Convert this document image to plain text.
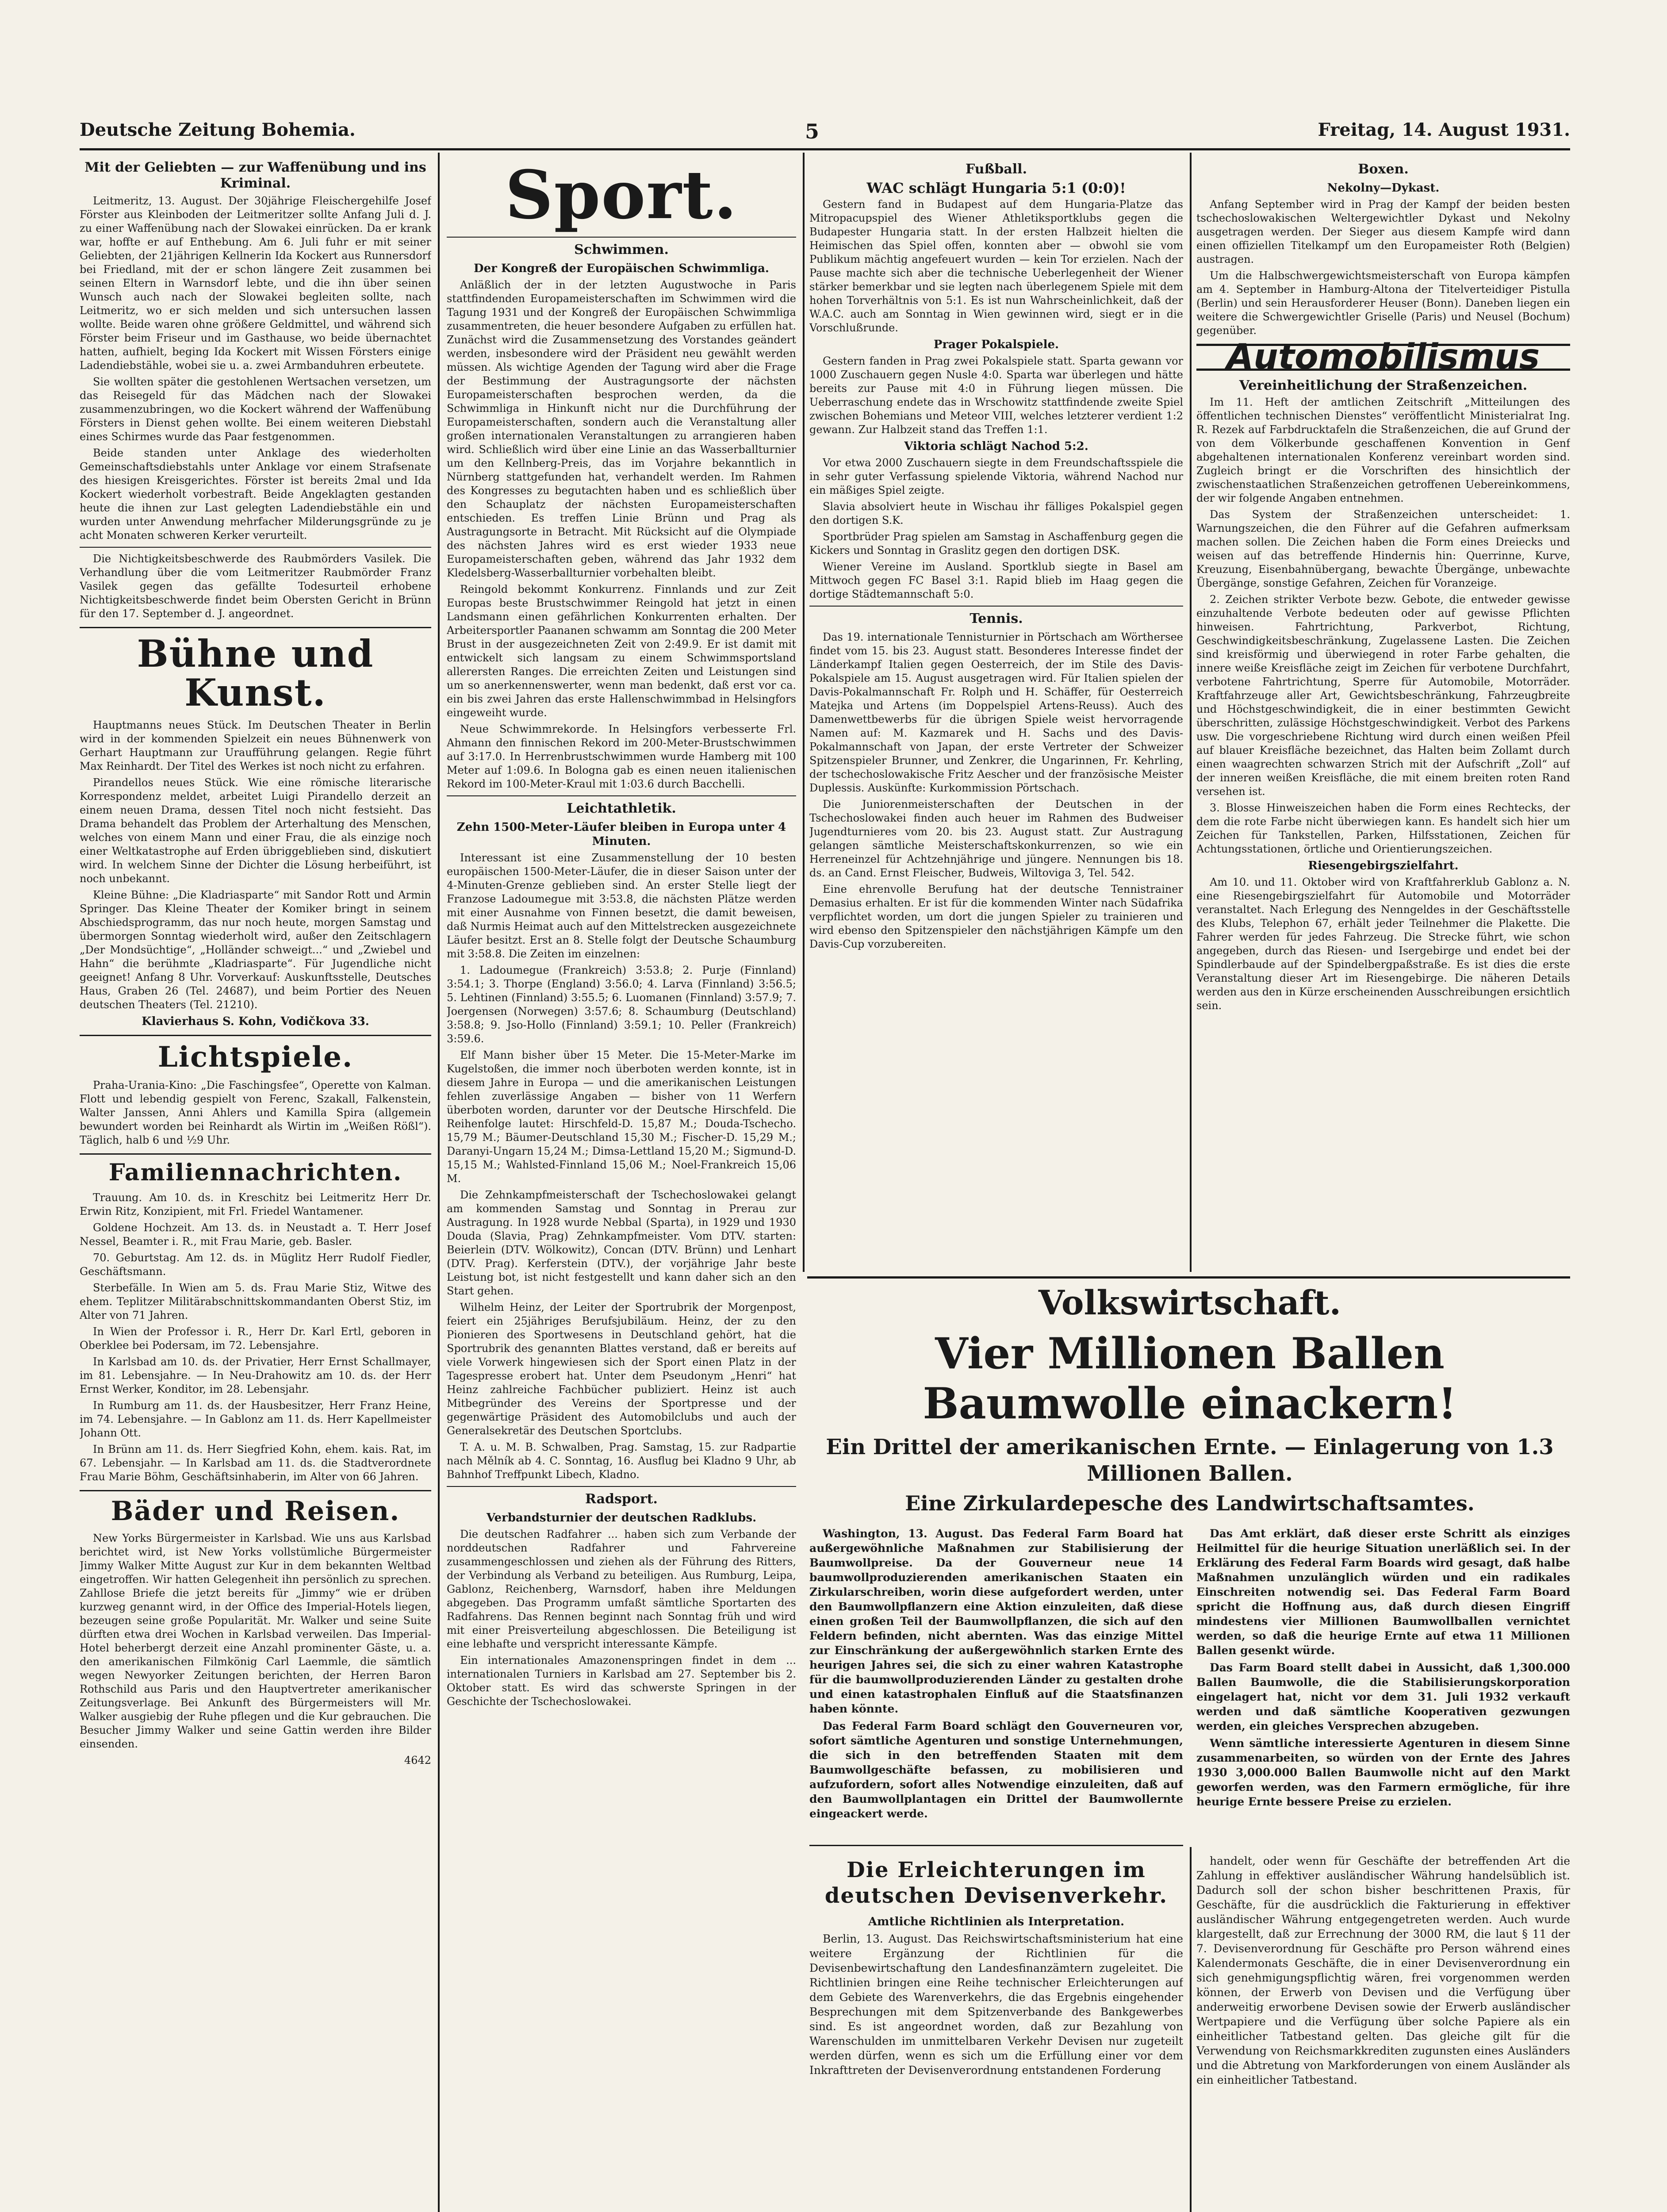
Deutsche Zeitung Bohemia.	5	Freitag, 14. August 1931.
Mit der Geliebten — zur Waffenübung und ins Kriminal.

Leitmeritz, 13. August. Der 30jährige Fleischergehilfe Josef Förster aus Kleinboden der Leitmeritzer sollte Anfang Juli d. J. zu einer Waffenübung nach der Slowakei einrücken. Da er krank war, hoffte er auf Enthebung. Am 6. Juli fuhr er mit seiner Geliebten, der 21jährigen Kellnerin Ida Kockert aus Runnersdorf bei Friedland, mit der er schon längere Zeit zusammen bei seinen Eltern in Warnsdorf lebte, und die ihn über seinen Wunsch auch nach der Slowakei begleiten sollte, nach Leitmeritz, wo er sich melden und sich untersuchen lassen wollte. Beide waren ohne größere Geldmittel, und während sich Förster beim Friseur und im Gasthause, wo beide übernachtet hatten, aufhielt, beging Ida Kockert mit Wissen Försters einige Ladendiebstähle, wobei sie u. a. zwei Armbanduhren erbeutete.

Sie wollten später die gestohlenen Wertsachen versetzen, um das Reisegeld für das Mädchen nach der Slowakei zusammenzubringen, wo die Kockert während der Waffenübung Försters in Dienst gehen wollte. Bei einem weiteren Diebstahl eines Schirmes wurde das Paar festgenommen.

Beide standen unter Anklage des wiederholten Gemeinschaftsdiebstahls unter Anklage vor einem Strafsenate des hiesigen Kreisgerichtes. Förster ist bereits 2mal und Ida Kockert wiederholt vorbestraft. Beide Angeklagten gestanden heute die ihnen zur Last gelegten Ladendiebstähle ein und wurden unter Anwendung mehrfacher Milderungsgründe zu je acht Monaten schweren Kerker verurteilt.

Die Nichtigkeitsbeschwerde des Raubmörders Vasilek. Die Verhandlung über die vom Leitmeritzer Raubmörder Franz Vasilek gegen das gefällte Todesurteil erhobene Nichtigkeitsbeschwerde findet beim Obersten Gericht in Brünn für den 17. September d. J. angeordnet.

Bühne und Kunst.

Hauptmanns neues Stück. Im Deutschen Theater in Berlin wird in der kommenden Spielzeit ein neues Bühnenwerk von Gerhart Hauptmann zur Uraufführung gelangen. Regie führt Max Reinhardt. Der Titel des Werkes ist noch nicht zu erfahren.

Pirandellos neues Stück. Wie eine römische literarische Korrespondenz meldet, arbeitet Luigi Pirandello derzeit an einem neuen Drama, dessen Titel noch nicht festsieht. Das Drama behandelt das Problem der Arterhaltung des Menschen, welches von einem Mann und einer Frau, die als einzige noch einer Weltkatastrophe auf Erden übriggeblieben sind, diskutiert wird. In welchem Sinne der Dichter die Lösung herbeiführt, ist noch unbekannt.

Kleine Bühne: „Die Kladriasparte“ mit Sandor Rott und Armin Springer. Das Kleine Theater der Komiker bringt in seinem Abschiedsprogramm, das nur noch heute, morgen Samstag und übermorgen Sonntag wiederholt wird, außer den Zeitschlagern „Der Mondsüchtige“, „Holländer schweigt...“ und „Zwiebel und Hahn“ die berühmte „Kladriasparte“. Für Jugendliche nicht geeignet! Anfang 8 Uhr. Vorverkauf: Auskunftsstelle, Deutsches Haus, Graben 26 (Tel. 24687), und beim Portier des Neuen deutschen Theaters (Tel. 21210).

Klavierhaus S. Kohn, Vodičkova 33.
Lichtspiele.

Praha-Urania-Kino: „Die Faschingsfee“, Operette von Kalman. Flott und lebendig gespielt von Ferenc, Szakall, Falkenstein, Walter Janssen, Anni Ahlers und Kamilla Spira (allgemein bewundert worden bei Reinhardt als Wirtin im „Weißen Rößl“). Täglich, halb 6 und ½9 Uhr.

Familiennachrichten.

Trauung. Am 10. ds. in Kreschitz bei Leitmeritz Herr Dr. Erwin Ritz, Konzipient, mit Frl. Friedel Wantamener.

Goldene Hochzeit. Am 13. ds. in Neustadt a. T. Herr Josef Nessel, Beamter i. R., mit Frau Marie, geb. Basler.

70. Geburtstag. Am 12. ds. in Müglitz Herr Rudolf Fiedler, Geschäftsmann.

Sterbefälle. In Wien am 5. ds. Frau Marie Stiz, Witwe des ehem. Teplitzer Militärabschnittskommandanten Oberst Stiz, im Alter von 71 Jahren.

In Wien der Professor i. R., Herr Dr. Karl Ertl, geboren in Oberklee bei Podersam, im 72. Lebensjahre.

In Karlsbad am 10. ds. der Privatier, Herr Ernst Schallmayer, im 81. Lebensjahre. — In Neu-Drahowitz am 10. ds. der Herr Ernst Werker, Konditor, im 28. Lebensjahr.

In Rumburg am 11. ds. der Hausbesitzer, Herr Franz Heine, im 74. Lebensjahre. — In Gablonz am 11. ds. Herr Kapellmeister Johann Ott.

In Brünn am 11. ds. Herr Siegfried Kohn, ehem. kais. Rat, im 67. Lebensjahr. — In Karlsbad am 11. ds. die Stadtverordnete Frau Marie Böhm, Geschäftsinhaberin, im Alter von 66 Jahren.

Bäder und Reisen.

New Yorks Bürgermeister in Karlsbad. Wie uns aus Karlsbad berichtet wird, ist New Yorks vollstümliche Bürgermeister Jimmy Walker Mitte August zur Kur in dem bekannten Weltbad eingetroffen. Wir hatten Gelegenheit ihn persönlich zu sprechen. Zahllose Briefe die jetzt bereits für „Jimmy“ wie er drüben kurzweg genannt wird, in der Office des Imperial-Hotels liegen, bezeugen seine große Popularität. Mr. Walker und seine Suite dürften etwa drei Wochen in Karlsbad verweilen. Das Imperial-Hotel beherbergt derzeit eine Anzahl prominenter Gäste, u. a. den amerikanischen Filmkönig Carl Laemmle, die sämtlich wegen Newyorker Zeitungen berichten, der Herren Baron Rothschild aus Paris und den Hauptvertreter amerikanischer Zeitungsverlage. Bei Ankunft des Bürgermeisters will Mr. Walker ausgiebig der Ruhe pflegen und die Kur gebrauchen. Die Besucher Jimmy Walker und seine Gattin werden ihre Bilder einsenden.

4642

Sport.
Schwimmen.
Der Kongreß der Europäischen Schwimmliga.

Anläßlich der in der letzten Augustwoche in Paris stattfindenden Europameisterschaften im Schwimmen wird die Tagung 1931 und der Kongreß der Europäischen Schwimmliga zusammentreten, die heuer besondere Aufgaben zu erfüllen hat. Zunächst wird die Zusammensetzung des Vorstandes geändert werden, insbesondere wird der Präsident neu gewählt werden müssen. Als wichtige Agenden der Tagung wird aber die Frage der Bestimmung der Austragungsorte der nächsten Europameisterschaften besprochen werden, da die Schwimmliga in Hinkunft nicht nur die Durchführung der Europameisterschaften, sondern auch die Veranstaltung aller großen internationalen Veranstaltungen zu arrangieren haben wird. Schließlich wird über eine Linie an das Wasserballturnier um den Kellnberg-Preis, das im Vorjahre bekanntlich in Nürnberg stattgefunden hat, verhandelt werden. Im Rahmen des Kongresses zu begutachten haben und es schließlich über den Schauplatz der nächsten Europameisterschaften entschieden. Es treffen Linie Brünn und Prag als Austragungsorte in Betracht. Mit Rücksicht auf die Olympiade des nächsten Jahres wird es erst wieder 1933 neue Europameisterschaften geben, während das Jahr 1932 dem Kledelsberg-Wasserballturnier vorbehalten bleibt.

Reingold bekommt Konkurrenz. Finnlands und zur Zeit Europas beste Brustschwimmer Reingold hat jetzt in einen Landsmann einen gefährlichen Konkurrenten erhalten. Der Arbeitersportler Paananen schwamm am Sonntag die 200 Meter Brust in der ausgezeichneten Zeit von 2:49.9. Er ist damit mit entwickelt sich langsam zu einem Schwimmsportsland allerersten Ranges. Die erreichten Zeiten und Leistungen sind um so anerkennenswerter, wenn man bedenkt, daß erst vor ca. ein bis zwei Jahren das erste Hallenschwimmbad in Helsingfors eingeweiht wurde.

Neue Schwimmrekorde. In Helsingfors verbesserte Frl. Ahmann den finnischen Rekord im 200-Meter-Brustschwimmen auf 3:17.0. In Herrenbrustschwimmen wurde Hamberg mit 100 Meter auf 1:09.6. In Bologna gab es einen neuen italienischen Rekord im 100-Meter-Kraul mit 1:03.6 durch Bacchelli.

Leichtathletik.
Zehn 1500-Meter-Läufer bleiben in Europa unter 4 Minuten.

Interessant ist eine Zusammenstellung der 10 besten europäischen 1500-Meter-Läufer, die in dieser Saison unter der 4-Minuten-Grenze geblieben sind. An erster Stelle liegt der Franzose Ladoumegue mit 3:53.8, die nächsten Plätze werden mit einer Ausnahme von Finnen besetzt, die damit beweisen, daß Nurmis Heimat auch auf den Mittelstrecken ausgezeichnete Läufer besitzt. Erst an 8. Stelle folgt der Deutsche Schaumburg mit 3:58.8. Die Zeiten im einzelnen:

1. Ladoumegue (Frankreich) 3:53.8; 2. Purje (Finnland) 3:54.1; 3. Thorpe (England) 3:56.0; 4. Larva (Finnland) 3:56.5; 5. Lehtinen (Finnland) 3:55.5; 6. Luomanen (Finnland) 3:57.9; 7. Joergensen (Norwegen) 3:57.6; 8. Schaumburg (Deutschland) 3:58.8; 9. Jso-Hollo (Finnland) 3:59.1; 10. Peller (Frankreich) 3:59.6.

Elf Mann bisher über 15 Meter. Die 15-Meter-Marke im Kugelstoßen, die immer noch überboten werden konnte, ist in diesem Jahre in Europa — und die amerikanischen Leistungen fehlen zuverlässige Angaben — bisher von 11 Werfern überboten worden, darunter vor der Deutsche Hirschfeld. Die Reihenfolge lautet: Hirschfeld-D. 15,87 M.; Douda-Tschecho. 15,79 M.; Bäumer-Deutschland 15,30 M.; Fischer-D. 15,29 M.; Daranyi-Ungarn 15,24 M.; Dimsa-Lettland 15,20 M.; Sigmund-D. 15,15 M.; Wahlsted-Finnland 15,06 M.; Noel-Frankreich 15,06 M.

Die Zehnkampfmeisterschaft der Tschechoslowakei gelangt am kommenden Samstag und Sonntag in Prerau zur Austragung. In 1928 wurde Nebbal (Sparta), in 1929 und 1930 Douda (Slavia, Prag) Zehnkampfmeister. Vom DTV. starten: Beierlein (DTV. Wölkowitz), Concan (DTV. Brünn) und Lenhart (DTV. Prag). Kerferstein (DTV.), der vorjährige Jahr beste Leistung bot, ist nicht festgestellt und kann daher sich an den Start gehen.

Wilhelm Heinz, der Leiter der Sportrubrik der Morgenpost, feiert ein 25jähriges Berufsjubiläum. Heinz, der zu den Pionieren des Sportwesens in Deutschland gehört, hat die Sportrubrik des genannten Blattes verstand, daß er bereits auf viele Vorwerk hingewiesen sich der Sport einen Platz in der Tagespresse erobert hat. Unter dem Pseudonym „Henri“ hat Heinz zahlreiche Fachbücher publiziert. Heinz ist auch Mitbegründer des Vereins der Sportpresse und der gegenwärtige Präsident des Automobilclubs und auch der Generalsekretär des Deutschen Sportclubs.

T. A. u. M. B. Schwalben, Prag. Samstag, 15. zur Radpartie nach Mělník ab 4. C. Sonntag, 16. Ausflug bei Kladno 9 Uhr, ab Bahnhof Treffpunkt Libech, Kladno.

Radsport.
Verbandsturnier der deutschen Radklubs.

Die deutschen Radfahrer ... haben sich zum Verbande der norddeutschen Radfahrer und Fahrvereine zusammengeschlossen und ziehen als der Führung des Ritters, der Verbindung als Verband zu beteiligen. Aus Rumburg, Leipa, Gablonz, Reichenberg, Warnsdorf, haben ihre Meldungen abgegeben. Das Programm umfaßt sämtliche Sportarten des Radfahrens. Das Rennen beginnt nach Sonntag früh und wird mit einer Preisverteilung abgeschlossen. Die Beteiligung ist eine lebhafte und verspricht interessante Kämpfe.

Ein internationales Amazonenspringen findet in dem ... internationalen Turniers in Karlsbad am 27. September bis 2. Oktober statt. Es wird das schwerste Springen in der Geschichte der Tschechoslowakei.

Fußball.
WAC schlägt Hungaria 5:1 (0:0)!

Gestern fand in Budapest auf dem Hungaria-Platze das Mitropacupspiel des Wiener Athletiksportklubs gegen die Budapester Hungaria statt. In der ersten Halbzeit hielten die Heimischen das Spiel offen, konnten aber — obwohl sie vom Publikum mächtig angefeuert wurden — kein Tor erzielen. Nach der Pause machte sich aber die technische Ueberlegenheit der Wiener stärker bemerkbar und sie legten nach überlegenem Spiele mit dem hohen Torverhältnis von 5:1. Es ist nun Wahrscheinlichkeit, daß der W.A.C. auch am Sonntag in Wien gewinnen wird, siegt er in die Vorschlußrunde.

Prager Pokalspiele.

Gestern fanden in Prag zwei Pokalspiele statt. Sparta gewann vor 1000 Zuschauern gegen Nusle 4:0. Sparta war überlegen und hätte bereits zur Pause mit 4:0 in Führung liegen müssen. Die Ueberraschung endete das in Wrschowitz stattfindende zweite Spiel zwischen Bohemians und Meteor VIII, welches letzterer verdient 1:2 gewann. Zur Halbzeit stand das Treffen 1:1.

Viktoria schlägt Nachod 5:2.

Vor etwa 2000 Zuschauern siegte in dem Freundschaftsspiele die in sehr guter Verfassung spielende Viktoria, während Nachod nur ein mäßiges Spiel zeigte.

Slavia absolviert heute in Wischau ihr fälliges Pokalspiel gegen den dortigen S.K.

Sportbrüder Prag spielen am Samstag in Aschaffenburg gegen die Kickers und Sonntag in Graslitz gegen den dortigen DSK.

Wiener Vereine im Ausland. Sportklub siegte in Basel am Mittwoch gegen FC Basel 3:1. Rapid blieb im Haag gegen die dortige Städtemannschaft 5:0.

Tennis.

Das 19. internationale Tennisturnier in Pörtschach am Wörthersee findet vom 15. bis 23. August statt. Besonderes Interesse findet der Länderkampf Italien gegen Oesterreich, der im Stile des Davis-Pokalspiele am 15. August ausgetragen wird. Für Italien spielen der Davis-Pokalmannschaft Fr. Rolph und H. Schäffer, für Oesterreich Matejka und Artens (im Doppelspiel Artens-Reuss). Auch des Damenwettbewerbs für die übrigen Spiele weist hervorragende Namen auf: M. Kazmarek und H. Sachs und des Davis-Pokalmannschaft von Japan, der erste Vertreter der Schweizer Spitzenspieler Brunner, und Zenkrer, die Ungarinnen, Fr. Kehrling, der tschechoslowakische Fritz Aescher und der französische Meister Duplessis. Auskünfte: Kurkommission Pörtschach.

Die Juniorenmeisterschaften der Deutschen in der Tschechoslowakei finden auch heuer im Rahmen des Budweiser Jugendturnieres vom 20. bis 23. August statt. Zur Austragung gelangen sämtliche Meisterschaftskonkurrenzen, so wie ein Herreneinzel für Achtzehnjährige und jüngere. Nennungen bis 18. ds. an Cand. Ernst Fleischer, Budweis, Wiltoviga 3, Tel. 542.

Eine ehrenvolle Berufung hat der deutsche Tennistrainer Demasius erhalten. Er ist für die kommenden Winter nach Südafrika verpflichtet worden, um dort die jungen Spieler zu trainieren und wird ebenso den Spitzenspieler den nächstjährigen Kämpfe um den Davis-Cup vorzubereiten.

Boxen.
Nekolny—Dykast.

Anfang September wird in Prag der Kampf der beiden besten tschechoslowakischen Weltergewichtler Dykast und Nekolny ausgetragen werden. Der Sieger aus diesem Kampfe wird dann einen offiziellen Titelkampf um den Europameister Roth (Belgien) austragen.

Um die Halbschwergewichtsmeisterschaft von Europa kämpfen am 4. September in Hamburg-Altona der Titelverteidiger Pistulla (Berlin) und sein Herausforderer Heuser (Bonn). Daneben liegen ein weitere die Schwergewichtler Griselle (Paris) und Neusel (Bochum) gegenüber.

Automobilismus
Vereinheitlichung der Straßenzeichen.

Im 11. Heft der amtlichen Zeitschrift „Mitteilungen des öffentlichen technischen Dienstes“ veröffentlicht Ministerialrat Ing. R. Rezek auf Farbdrucktafeln die Straßenzeichen, die auf Grund der von dem Völkerbunde geschaffenen Konvention in Genf abgehaltenen internationalen Konferenz vereinbart worden sind. Zugleich bringt er die Vorschriften des hinsichtlich der zwischenstaatlichen Straßenzeichen getroffenen Uebereinkommens, der wir folgende Angaben entnehmen.

Das System der Straßenzeichen unterscheidet: 1. Warnungszeichen, die den Führer auf die Gefahren aufmerksam machen sollen. Die Zeichen haben die Form eines Dreiecks und weisen auf das betreffende Hindernis hin: Querrinne, Kurve, Kreuzung, Eisenbahnübergang, bewachte Übergänge, unbewachte Übergänge, sonstige Gefahren, Zeichen für Voranzeige.

2. Zeichen strikter Verbote bezw. Gebote, die entweder gewisse einzuhaltende Verbote bedeuten oder auf gewisse Pflichten hinweisen. Fahrtrichtung, Parkverbot, Richtung, Geschwindigkeitsbeschränkung, Zugelassene Lasten. Die Zeichen sind kreisförmig und überwiegend in roter Farbe gehalten, die innere weiße Kreisfläche zeigt im Zeichen für verbotene Durchfahrt, verbotene Fahrtrichtung, Sperre für Automobile, Motorräder. Kraftfahrzeuge aller Art, Gewichtsbeschränkung, Fahrzeugbreite und Höchstgeschwindigkeit, die in einer bestimmten Gewicht überschritten, zulässige Höchstgeschwindigkeit. Verbot des Parkens usw. Die vorgeschriebene Richtung wird durch einen weißen Pfeil auf blauer Kreisfläche bezeichnet, das Halten beim Zollamt durch einen waagrechten schwarzen Strich mit der Aufschrift „Zoll“ auf der inneren weißen Kreisfläche, die mit einem breiten roten Rand versehen ist.

3. Blosse Hinweiszeichen haben die Form eines Rechtecks, der dem die rote Farbe nicht überwiegen kann. Es handelt sich hier um Zeichen für Tankstellen, Parken, Hilfsstationen, Zeichen für Achtungsstationen, örtliche und Orientierungszeichen.

Riesengebirgszielfahrt.

Am 10. und 11. Oktober wird von Kraftfahrerklub Gablonz a. N. eine Riesengebirgszielfahrt für Automobile und Motorräder veranstaltet. Nach Erlegung des Nenngeldes in der Geschäftsstelle des Klubs, Telephon 67, erhält jeder Teilnehmer die Plakette. Die Fahrer werden für jedes Fahrzeug. Die Strecke führt, wie schon angegeben, durch das Riesen- und Isergebirge und endet bei der Spindlerbaude auf der Spindelbergpaßstraße. Es ist dies die erste Veranstaltung dieser Art im Riesengebirge. Die näheren Details werden aus den in Kürze erscheinenden Ausschreibungen ersichtlich sein.

Volkswirtschaft.
Vier Millionen Ballen Baumwolle einackern!
Ein Drittel der amerikanischen Ernte. — Einlagerung von 1.3 Millionen Ballen.
Eine Zirkulardepesche des Landwirtschaftsamtes.

Washington, 13. August. Das Federal Farm Board hat außergewöhnliche Maßnahmen zur Stabilisierung der Baumwollpreise. Da der Gouverneur neue 14 baumwollproduzierenden amerikanischen Staaten ein Zirkularschreiben, worin diese aufgefordert werden, unter den Baumwollpflanzern eine Aktion einzuleiten, daß diese einen großen Teil der Baumwollpflanzen, die sich auf den Feldern befinden, nicht abernten. Was das einzige Mittel zur Einschränkung der außergewöhnlich starken Ernte des heurigen Jahres sei, die sich zu einer wahren Katastrophe für die baumwollproduzierenden Länder zu gestalten drohe und einen katastrophalen Einfluß auf die Staatsfinanzen haben könnte.

Das Federal Farm Board schlägt den Gouverneuren vor, sofort sämtliche Agenturen und sonstige Unternehmungen, die sich in den betreffenden Staaten mit dem Baumwollgeschäfte befassen, zu mobilisieren und aufzufordern, sofort alles Notwendige einzuleiten, daß auf den Baumwollplantagen ein Drittel der Baumwollernte eingeackert werde.

Das Amt erklärt, daß dieser erste Schritt als einziges Heilmittel für die heurige Situation unerläßlich sei. In der Erklärung des Federal Farm Boards wird gesagt, daß halbe Maßnahmen unzulänglich würden und ein radikales Einschreiten notwendig sei. Das Federal Farm Board spricht die Hoffnung aus, daß durch diesen Eingriff mindestens vier Millionen Baumwollballen vernichtet werden, so daß die heurige Ernte auf etwa 11 Millionen Ballen gesenkt würde.

Das Farm Board stellt dabei in Aussicht, daß 1,300.000 Ballen Baumwolle, die die Stabilisierungskorporation eingelagert hat, nicht vor dem 31. Juli 1932 verkauft werden und daß sämtliche Kooperativen gezwungen werden, ein gleiches Versprechen abzugeben.

Wenn sämtliche interessierte Agenturen in diesem Sinne zusammenarbeiten, so würden von der Ernte des Jahres 1930 3,000.000 Ballen Baumwolle nicht auf den Markt geworfen werden, was den Farmern ermögliche, für ihre heurige Ernte bessere Preise zu erzielen.

Die Erleichterungen im deutschen Devisenverkehr.
Amtliche Richtlinien als Interpretation.

Berlin, 13. August. Das Reichswirtschaftsministerium hat eine weitere Ergänzung der Richtlinien für die Devisenbewirtschaftung den Landesfinanzämtern zugeleitet. Die Richtlinien bringen eine Reihe technischer Erleichterungen auf dem Gebiete des Warenverkehrs, die das Ergebnis eingehender Besprechungen mit dem Spitzenverbande des Bankgewerbes sind. Es ist angeordnet worden, daß zur Bezahlung von Warenschulden im unmittelbaren Verkehr Devisen nur zugeteilt werden dürfen, wenn es sich um die Erfüllung einer vor dem Inkrafttreten der Devisenverordnung entstandenen Forderung

handelt, oder wenn für Geschäfte der betreffenden Art die Zahlung in effektiver ausländischer Währung handelsüblich ist. Dadurch soll der schon bisher beschrittenen Praxis, für Geschäfte, für die ausdrücklich die Fakturierung in effektiver ausländischer Währung entgegengetreten werden. Auch wurde klargestellt, daß zur Errechnung der 3000 RM, die laut § 11 der 7. Devisenverordnung für Geschäfte pro Person während eines Kalendermonats Geschäfte, die in einer Devisenverordnung ein sich genehmigungspflichtig wären, frei vorgenommen werden können, der Erwerb von Devisen und die Verfügung über anderweitig erworbene Devisen sowie der Erwerb ausländischer Wertpapiere und die Verfügung über solche Papiere als ein einheitlicher Tatbestand gelten. Das gleiche gilt für die Verwendung von Reichsmarkkrediten zugunsten eines Ausländers und die Abtretung von Markforderungen von einem Ausländer als ein einheitlicher Tatbestand.
